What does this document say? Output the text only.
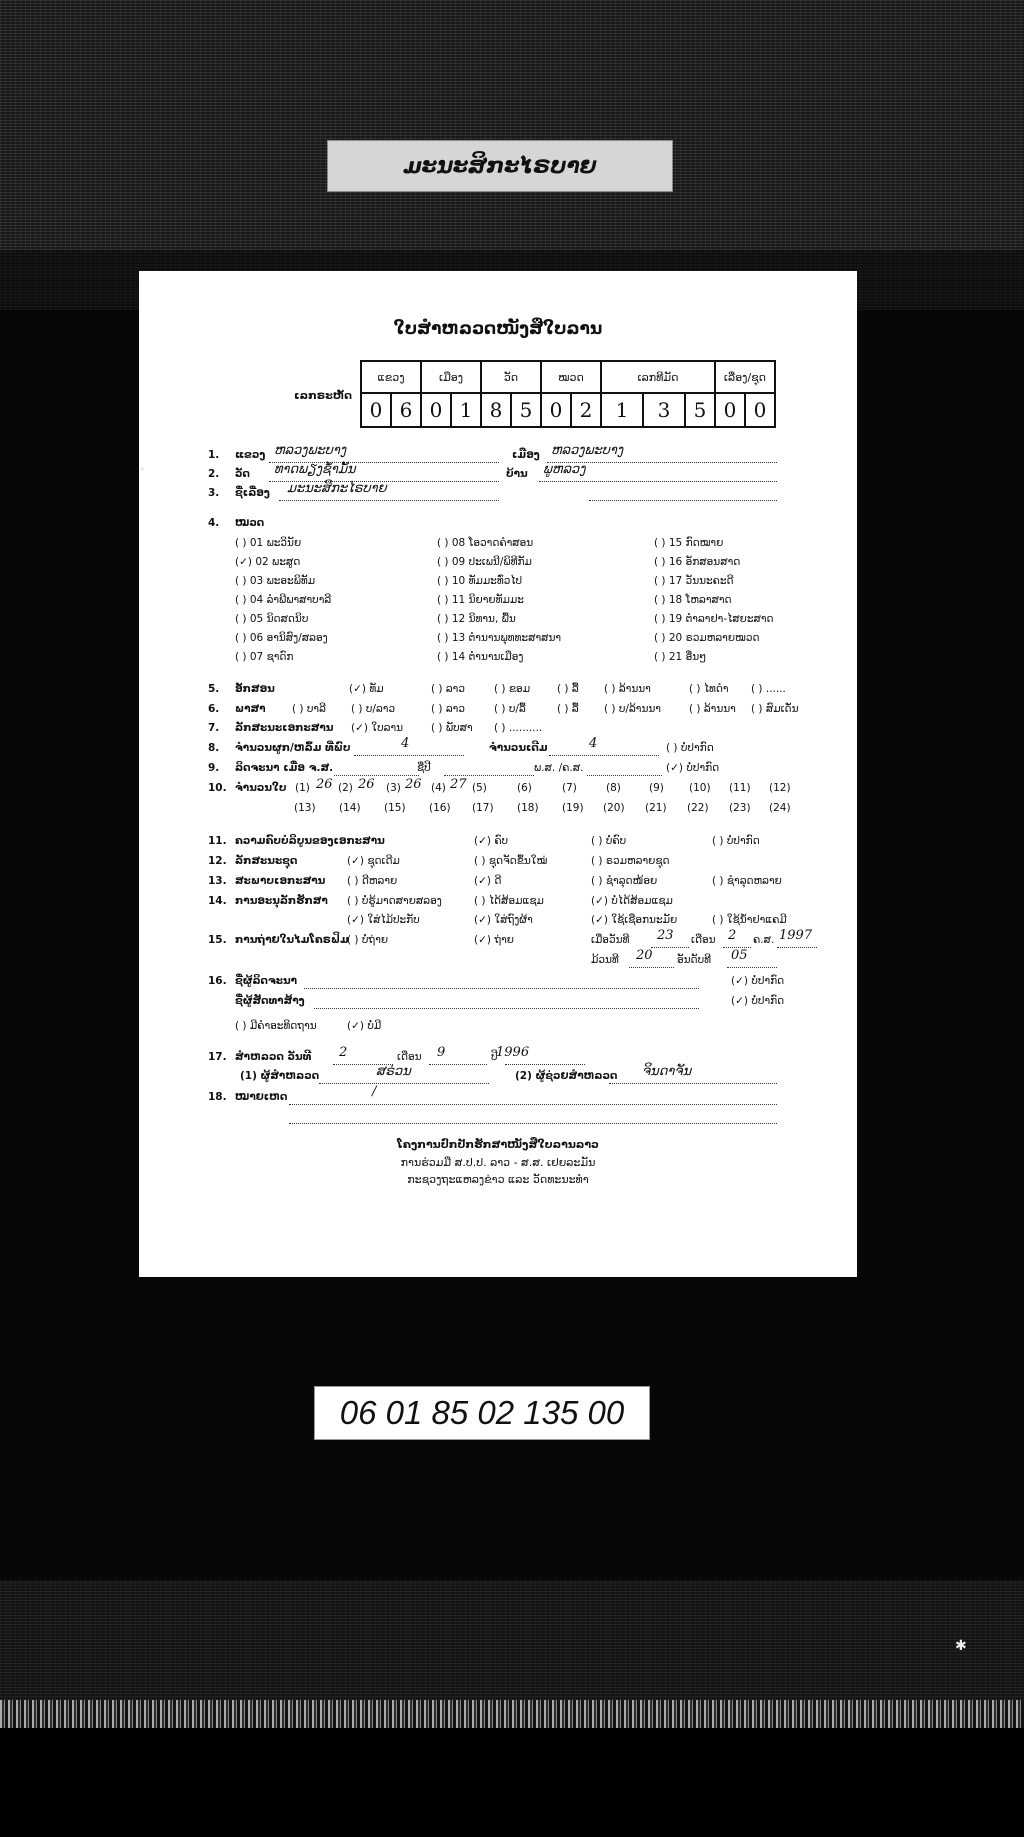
ມະນະສິກະໄຣບາຍ
ໃບສຳຫລວດໜັງສືໃບລານ
ເລກຣະຫັດ
ແຂວງ		ເມືອງ		ວັດ		ໝວດ		ເລກທີມັດ			ເລື່ອງ/ຊຸດ	
0	6	0	1	8	5	0	2	1	3	5	0	0
1. ແຂວງ ຫລວງພະບາງ	ເມືອງ ຫລວງພະບາງ
2. ວັດ ທາດພຽງຊ້ຳມັ້ນ	ບ້ານ ພູຫລວງ
3. ຊື່ເລື່ອງ ມະນະສິກະໄຣບາຍ
4. ໝວດ
( ) 01 ພະວິນັຍ
(✓) 02 ພະສູດ
( ) 03 ພະອະພິທັມ
( ) 04 ລຳພີພາສາບາລີ
( ) 05 ນິດສດນິບ
( ) 06 ອານິສົງ/ສລອງ
( ) 07 ຊາດົກ
( ) 08 ໂອວາດຄຳສອນ
( ) 09 ປະເພນີ/ພິທີກັມ
( ) 10 ທັມມະທົ່ວໄປ
( ) 11 ນິຍາຍທັມມະ
( ) 12 ນິທານ, ພື້ນ
( ) 13 ຕຳນານພຸທທະສາສນາ
( ) 14 ຕຳນານເມືອງ
( ) 15 ກົດໝາຍ
( ) 16 ອັກສອນສາດ
( ) 17 ວັນນະຄະດີ
( ) 18 ໂຫລາສາດ
( ) 19 ຕຳລາຢາ-ໄສຍະສາດ
( ) 20 ຣວມຫລາຍໝວດ
( ) 21 ອື່ນໆ
5. ອັກສອນ	(✓) ທັມ	( ) ລາວ	( ) ຂອມ	( ) ລື້ ( ) ລ້ານນາ	( ) ໄທດຳ ( ) ......
6. ພາສາ	( ) ບາລີ ( ) ບ/ລາວ	( ) ລາວ	( ) ບ/ລື້	( ) ລື້ ( ) ບ/ລ້ານນາ	( ) ລ້ານນາ ( ) ສົມເດັ່ນ
7. ລັກສະນະເອກະສານ (✓) ໃບລານ	( ) ພັບສາ ( ) ..........
8. ຈຳນວນຜູກ/ຫລົ້ມ ທີ່ພົບ	4	ຈຳນວນເດີມ	4	( ) ບໍ່ປາກົດ
9. ລິດຈະນາ ເມື່ອ ຈ.ສ.	ຊື່ປີ	ພ.ສ. /ຄ.ສ.	(✓) ບໍ່ປາກົດ
10. ຈຳນວນໃບ (1) 26 (2) 26 (3) 26 (4) 27 (5)	(6)	(7)	(8)	(9) (10) (11) (12)
(13) (14) (15) (16) (17) (18) (19) (20) (21) (22) (23) (24)
11. ຄວາມຄົບບໍລິບູນຂອງເອກະສານ	(✓) ຄົບ	( ) ບໍ່ຄົບ	( ) ບໍ່ປາກົດ
12. ລັກສະນະຊຸດ	(✓) ຊຸດເດີມ	( ) ຊຸດຈັດຂຶ້ນໃໝ່	( ) ຣວມຫລາຍຊຸດ
13. ສະພາບເອກະສານ ( ) ດີຫລາຍ	(✓) ດີ	( ) ຊຳລຸດໜ້ອຍ	( ) ຊຳລຸດຫລາຍ
14. ການອະນຸລັກຮັກສາ ( ) ບໍ່ຮູ້ມາດສາຍສລອງ	( ) ໄດ້ສ້ອມແຊມ	(✓) ບໍ່ໄດ້ສ້ອມແຊມ
(✓) ໃສ່ໄມ້ປະກັບ	(✓) ໃສ່ຖົງຜ້າ	(✓) ໃຊ້ເຊືອກນະມັຍ	( ) ໃຊ້ນ້ຳຢາແຄມີ
15. ການຖ່າຍໃນໄມໂຄຣຟິມ
( ) ບໍ່ຖ່າຍ	(✓) ຖ່າຍ	ເມື່ອວັນທີ 23 ເດືອນ 2 ຄ.ສ. 1997
ມ້ວນທີ 20 ອັນດັບທີ 05
16. ຊື່ຜູ້ລິດຈະນາ	(✓) ບໍ່ປາກົດ
ຊື່ຜູ້ສັດທາສ້າງ	(✓) ບໍ່ປາກົດ
( ) ມີຄຳອະທິດຖານ	(✓) ບໍ່ມີ
17. ສຳຫລວດ ວັນທີ 2	ເດືອນ 9	ປີ
1996
(1) ຜູ້ສຳຫລວດ	ສຣ່ວນ	(2) ຜູ້ຊ່ວຍສຳຫລວດ ຈິນດາຈັນ
18. ໝາຍເຫດ	/
ໂຄງການປົກປັກຮັກສາໜັງສືໃບລານລາວ
ການຮ່ວມມື ສ.ປ.ປ. ລາວ - ສ.ສ. ເຢຍລະມັນ
ກະຊວງຖະແຫລງຂ່າວ ແລະ ວັດທະນະທຳ
06 01 85 02 135 00
•
✱
